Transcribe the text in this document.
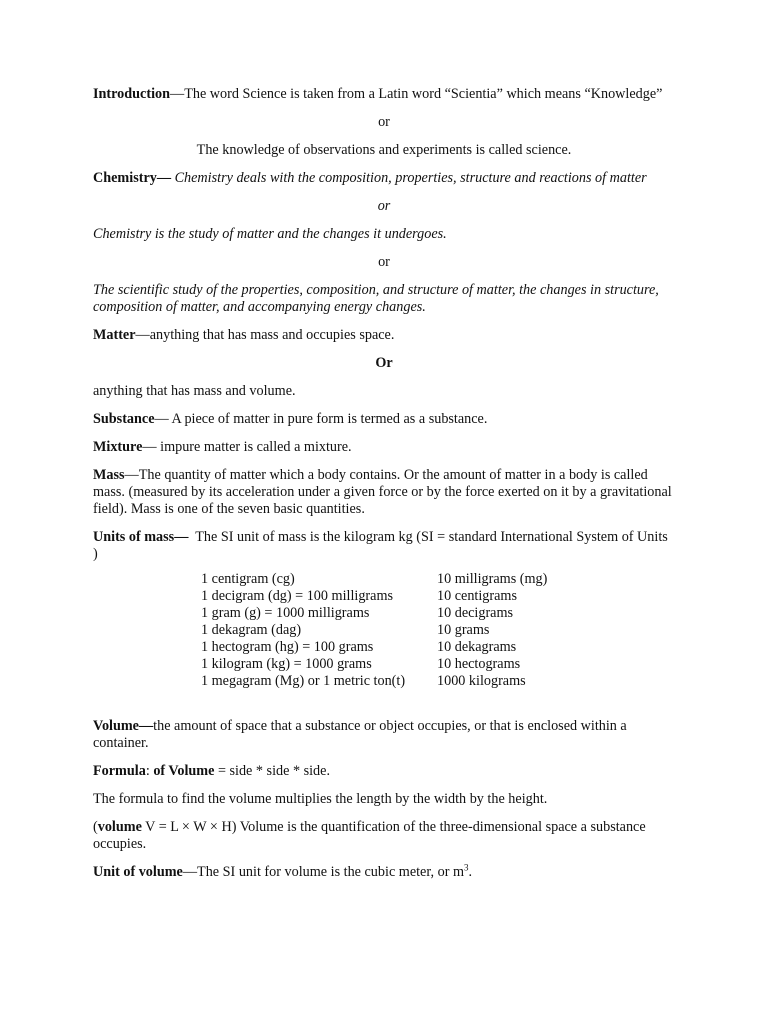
Introduction—The word Science is taken from a Latin word “Scientia” which means “Knowledge”

or

The knowledge of observations and experiments is called science.

Chemistry— Chemistry deals with the composition, properties, structure and reactions of matter

or

Chemistry is the study of matter and the changes it undergoes.

or

The scientific study of the properties, composition, and structure of matter, the changes in structure, composition of matter, and accompanying energy changes.

Matter—anything that has mass and occupies space.

Or

anything that has mass and volume.

Substance— A piece of matter in pure form is termed as a substance.

Mixture— impure matter is called a mixture.

Mass—The quantity of matter which a body contains. Or the amount of matter in a body is called mass. (measured by its acceleration under a given force or by the force exerted on it by a gravitational field). Mass is one of the seven basic quantities.

Units of mass—  The SI unit of mass is the kilogram kg (SI = standard International System of Units )

1 centigram (cg)	10 milligrams (mg)
1 decigram (dg) = 100 milligrams	10 centigrams
1 gram (g) = 1000 milligrams	10 decigrams
1 dekagram (dag)	10 grams
1 hectogram (hg) = 100 grams	10 dekagrams
1 kilogram (kg) = 1000 grams	10 hectograms
1 megagram (Mg) or 1 metric ton(t)	1000 kilograms

Volume—the amount of space that a substance or object occupies, or that is enclosed within a container.

Formula: of Volume = side * side * side.

The formula to find the volume multiplies the length by the width by the height.

(volume V = L × W × H) Volume is the quantification of the three-dimensional space a substance occupies.

Unit of volume—The SI unit for volume is the cubic meter, or $m^3$.
